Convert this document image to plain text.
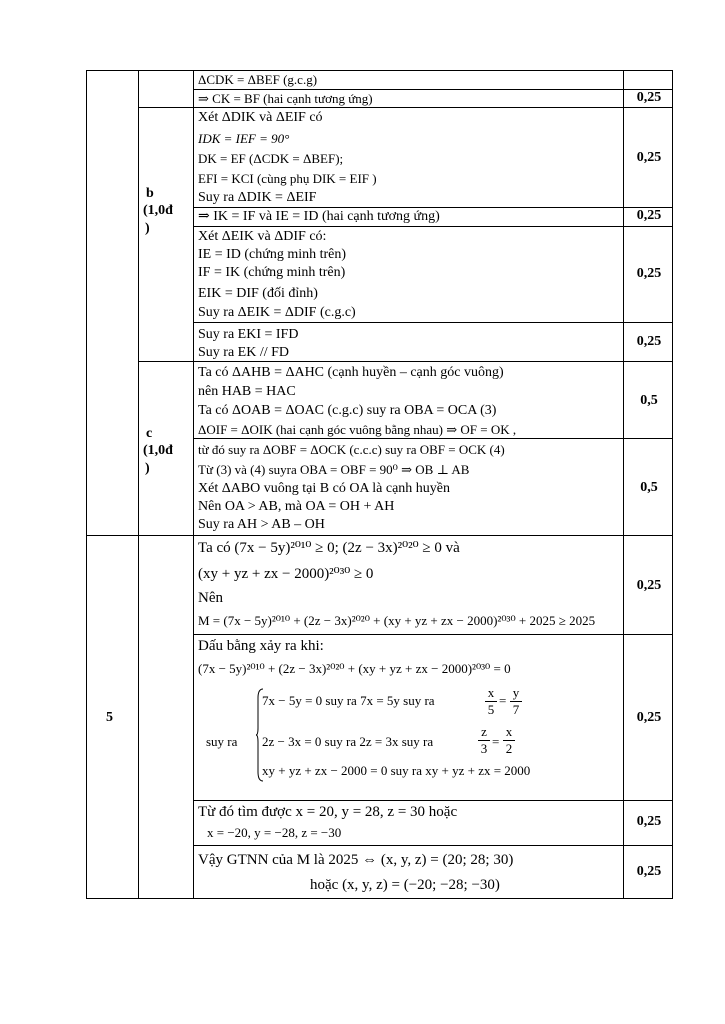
b
(1,0đ
)
c
(1,0đ
)
ΔCDK = ΔBEF (g.c.g)
⇒ CK = BF (hai cạnh tương ứng)	0,25
Xét ΔDIK và ΔEIF có
IDK = IEF = 90°
DK = EF (ΔCDK = ΔBEF);
EFI = KCI (cùng phụ DIK = EIF )
Suy ra ΔDIK = ΔEIF
0,25
⇒ IK = IF và IE = ID (hai cạnh tương ứng)	0,25
Xét ΔEIK và ΔDIF có:
IE = ID (chứng minh trên)
IF = IK (chứng minh trên)
EIK = DIF (đối đỉnh)
Suy ra ΔEIK = ΔDIF (c.g.c)
0,25
Suy ra EKI = IFD
Suy ra EK // FD
0,25
Ta có ΔAHB = ΔAHC (cạnh huyền – cạnh góc vuông)
nên HAB = HAC
Ta có ΔOAB = ΔOAC (c.g.c) suy ra OBA = OCA (3)
ΔOIF = ΔOIK (hai cạnh góc vuông bằng nhau) ⇒ OF = OK ,
0,5
từ đó suy ra ΔOBF = ΔOCK (c.c.c) suy ra OBF = OCK (4)
Từ (3) và (4) suyra OBA = OBF = 90⁰ ⇒ OB ⊥ AB
Xét ΔABO vuông tại B có OA là cạnh huyền
Nên OA > AB, mà OA = OH + AH
Suy ra AH > AB – OH
0,5
5
Ta có (7x − 5y)²⁰¹⁰ ≥ 0; (2z − 3x)²⁰²⁰ ≥ 0 và
(xy + yz + zx − 2000)²⁰³⁰ ≥ 0
Nên
M = (7x − 5y)²⁰¹⁰ + (2z − 3x)²⁰²⁰ + (xy + yz + zx − 2000)²⁰³⁰ + 2025 ≥ 2025
0,25
Dấu bằng xảy ra khi:
(7x − 5y)²⁰¹⁰ + (2z − 3x)²⁰²⁰ + (xy + yz + zx − 2000)²⁰³⁰ = 0
suy ra
7x − 5y = 0 suy ra 7x = 5y suy ra
x
5
=
y
7
2z − 3x = 0 suy ra 2z = 3x suy ra
z
3 =
x
2
xy + yz + zx − 2000 = 0 suy ra xy + yz + zx = 2000
0,25
Từ đó tìm được x = 20, y = 28, z = 30 hoặc
x = −20, y = −28, z = −30
0,25
Vậy GTNN của M là 2025 ⇔ (x, y, z) = (20; 28; 30)
hoặc (x, y, z) = (−20; −28; −30)
0,25
